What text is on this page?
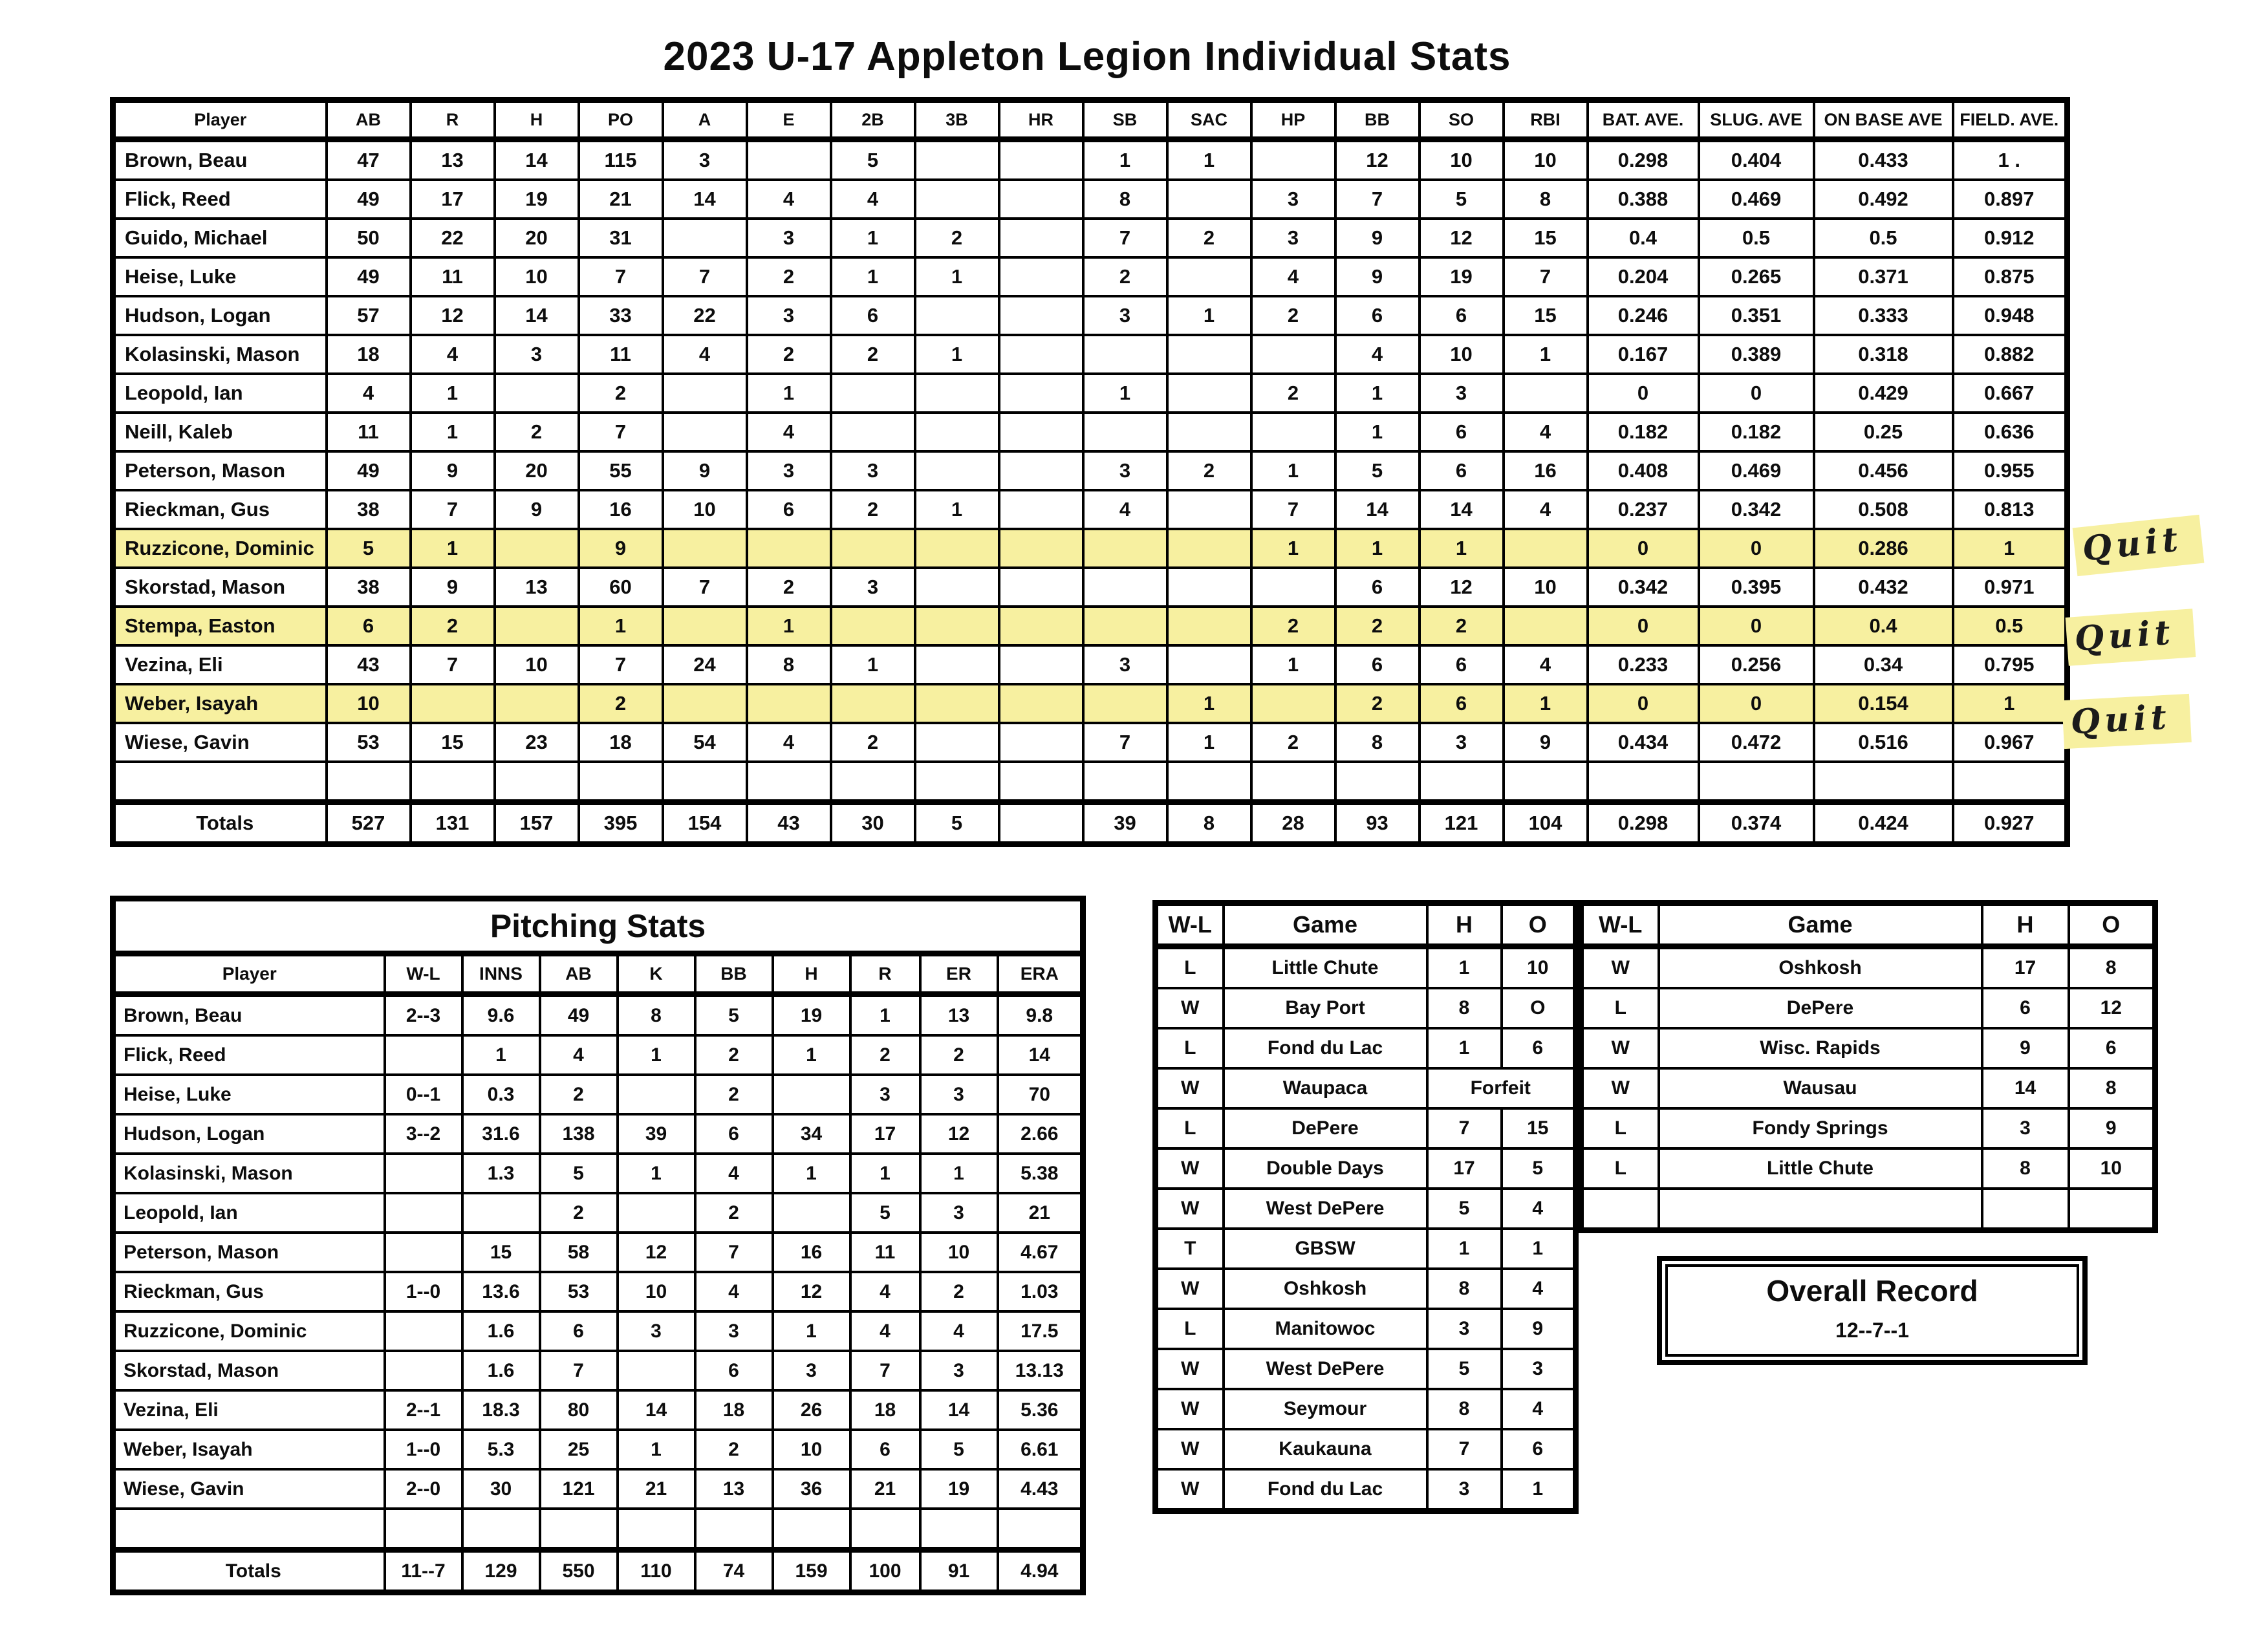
2023 U-17 Appleton Legion Individual Stats
Player	AB	R	H	PO	A	E	2B	3B	HR	SB	SAC	HP	BB	SO	RBI	BAT. AVE.	SLUG. AVE	ON BASE AVE	FIELD. AVE.
Brown, Beau	47	13	14	115	3		5			1	1		12	10	10	0.298	0.404	0.433	1 .
Flick, Reed	49	17	19	21	14	4	4			8		3	7	5	8	0.388	0.469	0.492	0.897
Guido, Michael	50	22	20	31		3	1	2		7	2	3	9	12	15	0.4	0.5	0.5	0.912
Heise, Luke	49	11	10	7	7	2	1	1		2		4	9	19	7	0.204	0.265	0.371	0.875
Hudson, Logan	57	12	14	33	22	3	6			3	1	2	6	6	15	0.246	0.351	0.333	0.948
Kolasinski, Mason	18	4	3	11	4	2	2	1					4	10	1	0.167	0.389	0.318	0.882
Leopold, Ian	4	1		2		1				1		2	1	3		0	0	0.429	0.667
Neill, Kaleb	11	1	2	7		4							1	6	4	0.182	0.182	0.25	0.636
Peterson, Mason	49	9	20	55	9	3	3			3	2	1	5	6	16	0.408	0.469	0.456	0.955
Rieckman, Gus	38	7	9	16	10	6	2	1		4		7	14	14	4	0.237	0.342	0.508	0.813
Ruzzicone, Dominic	5	1		9								1	1	1		0	0	0.286	1
Skorstad, Mason	38	9	13	60	7	2	3						6	12	10	0.342	0.395	0.432	0.971
Stempa, Easton	6	2		1		1						2	2	2		0	0	0.4	0.5
Vezina, Eli	43	7	10	7	24	8	1			3		1	6	6	4	0.233	0.256	0.34	0.795
Weber, Isayah	10			2							1		2	6	1	0	0	0.154	1
Wiese, Gavin	53	15	23	18	54	4	2			7	1	2	8	3	9	0.434	0.472	0.516	0.967

Totals	527	131	157	395	154	43	30	5		39	8	28	93	121	104	0.298	0.374	0.424	0.927
Pitching Stats									
Player	W-L	INNS	AB	K	BB	H	R	ER	ERA
Brown, Beau	2--3	9.6	49	8	5	19	1	13	9.8
Flick, Reed		1	4	1	2	1	2	2	14
Heise, Luke	0--1	0.3	2		2		3	3	70
Hudson, Logan	3--2	31.6	138	39	6	34	17	12	2.66
Kolasinski, Mason		1.3	5	1	4	1	1	1	5.38
Leopold, Ian			2		2		5	3	21
Peterson, Mason		15	58	12	7	16	11	10	4.67
Rieckman, Gus	1--0	13.6	53	10	4	12	4	2	1.03
Ruzzicone, Dominic		1.6	6	3	3	1	4	4	17.5
Skorstad, Mason		1.6	7		6	3	7	3	13.13
Vezina, Eli	2--1	18.3	80	14	18	26	18	14	5.36
Weber, Isayah	1--0	5.3	25	1	2	10	6	5	6.61
Wiese, Gavin	2--0	30	121	21	13	36	21	19	4.43

Totals	11--7	129	550	110	74	159	100	91	4.94
W-L	Game	H	O
L	Little Chute	1	10
W	Bay Port	8	O
L	Fond du Lac	1	6
W	Waupaca	Forfeit	
L	DePere	7	15
W	Double Days	17	5
W	West DePere	5	4
T	GBSW	1	1
W	Oshkosh	8	4
L	Manitowoc	3	9
W	West DePere	5	3
W	Seymour	8	4
W	Kaukauna	7	6
W	Fond du Lac	3	1
W-L	Game	H	O
W	Oshkosh	17	8
L	DePere	6	12
W	Wisc. Rapids	9	6
W	Wausau	14	8
L	Fondy Springs	3	9
L	Little Chute	8	10

Overall Record
12--7--1
Quit
Quit
Quit
